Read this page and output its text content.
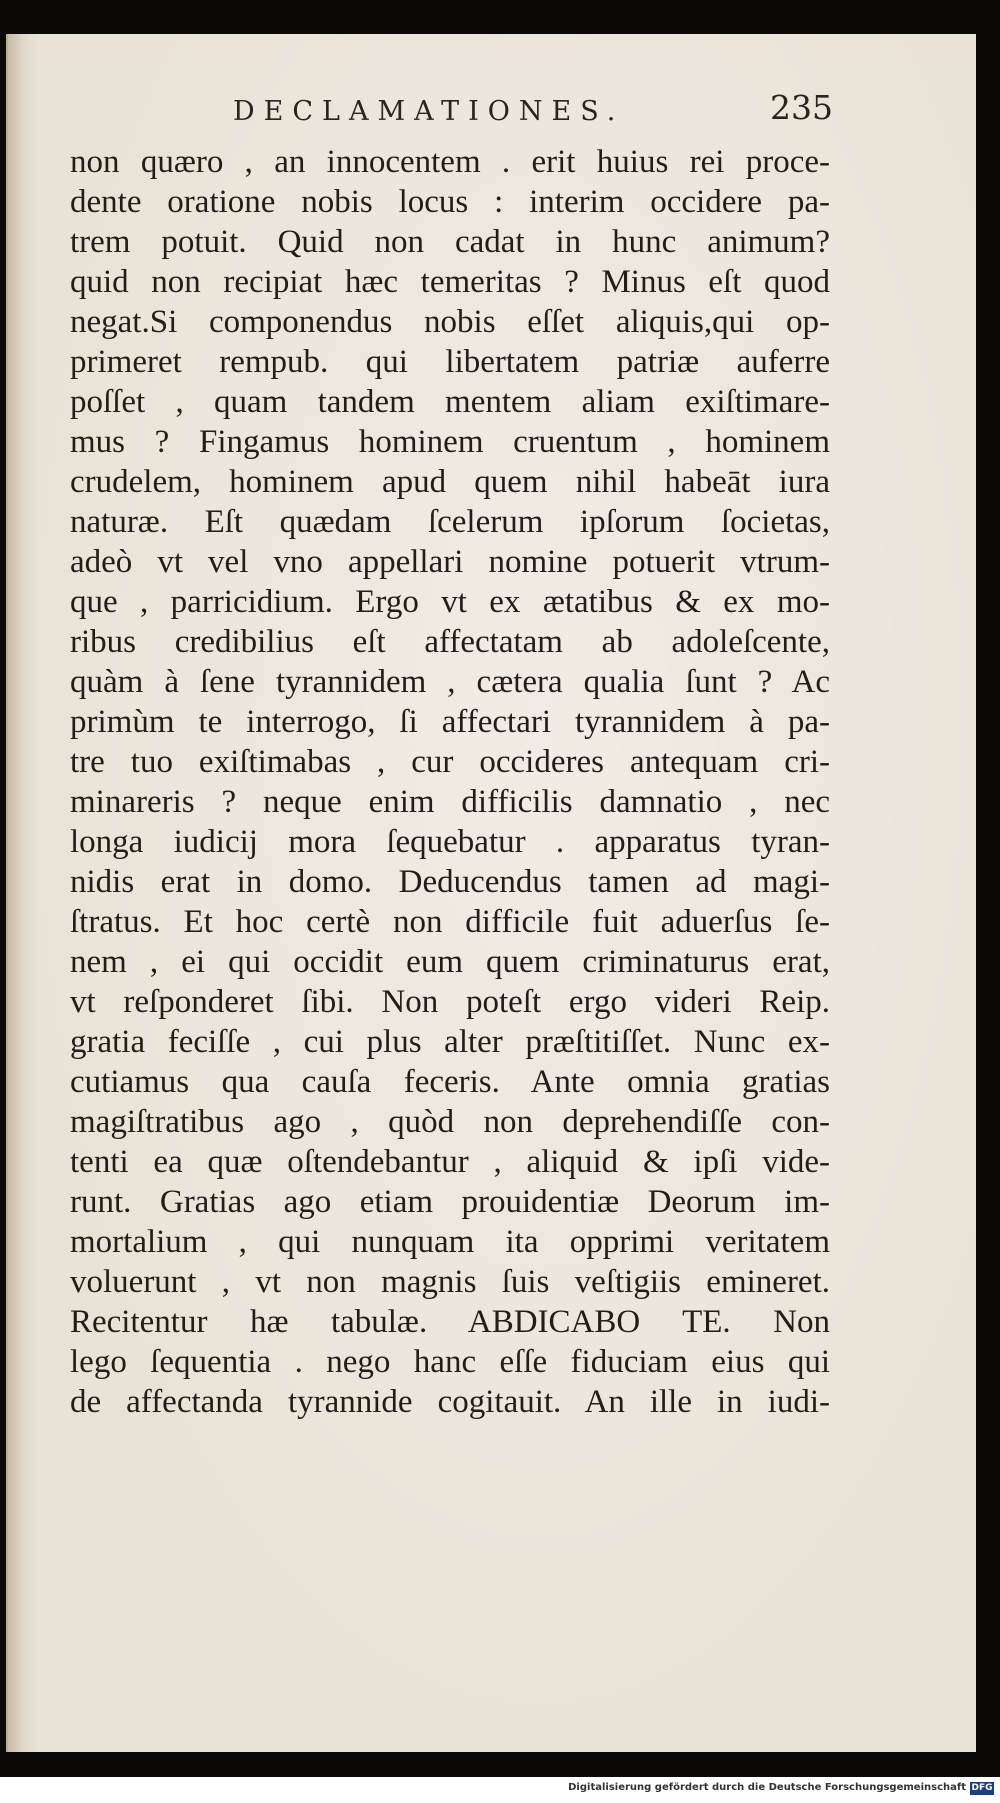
DECLAMATIONES.	235
non quæro , an innocentem . erit huius rei proce-
dente oratione nobis locus : interim occidere pa-
trem potuit. Quid non cadat in hunc animum?
quid non recipiat hæc temeritas ? Minus eſt quod
negat.Si componendus nobis eſſet aliquis,qui op-
primeret rempub. qui libertatem patriæ auferre
poſſet , quam tandem mentem aliam exiſtimare-
mus ? Fingamus hominem cruentum , hominem
crudelem, hominem apud quem nihil habeāt iura
naturæ. Eſt quædam ſcelerum ipſorum ſocietas,
adeò vt vel vno appellari nomine potuerit vtrum-
que , parricidium. Ergo vt ex ætatibus & ex mo-
ribus credibilius eſt affectatam ab adoleſcente,
quàm à ſene tyrannidem , cætera qualia ſunt ? Ac
primùm te interrogo, ſi affectari tyrannidem à pa-
tre tuo exiſtimabas , cur occideres antequam cri-
minareris ? neque enim difficilis damnatio , nec
longa iudicij mora ſequebatur . apparatus tyran-
nidis erat in domo. Deducendus tamen ad magi-
ſtratus. Et hoc certè non difficile fuit aduerſus ſe-
nem , ei qui occidit eum quem criminaturus erat,
vt reſponderet ſibi. Non poteſt ergo videri Reip.
gratia feciſſe , cui plus alter præſtitiſſet. Nunc ex-
cutiamus qua cauſa feceris. Ante omnia gratias
magiſtratibus ago , quòd non deprehendiſſe con-
tenti ea quæ oſtendebantur , aliquid & ipſi vide-
runt. Gratias ago etiam prouidentiæ Deorum im-
mortalium , qui nunquam ita opprimi veritatem
voluerunt , vt non magnis ſuis veſtigiis emineret.
Recitentur hæ tabulæ. ABDICABO TE. Non
lego ſequentia . nego hanc eſſe fiduciam eius qui
de affectanda tyrannide cogitauit. An ille in iudi-
Digitalisierung gefördert durch die Deutsche Forschungsgemeinschaft DFG
